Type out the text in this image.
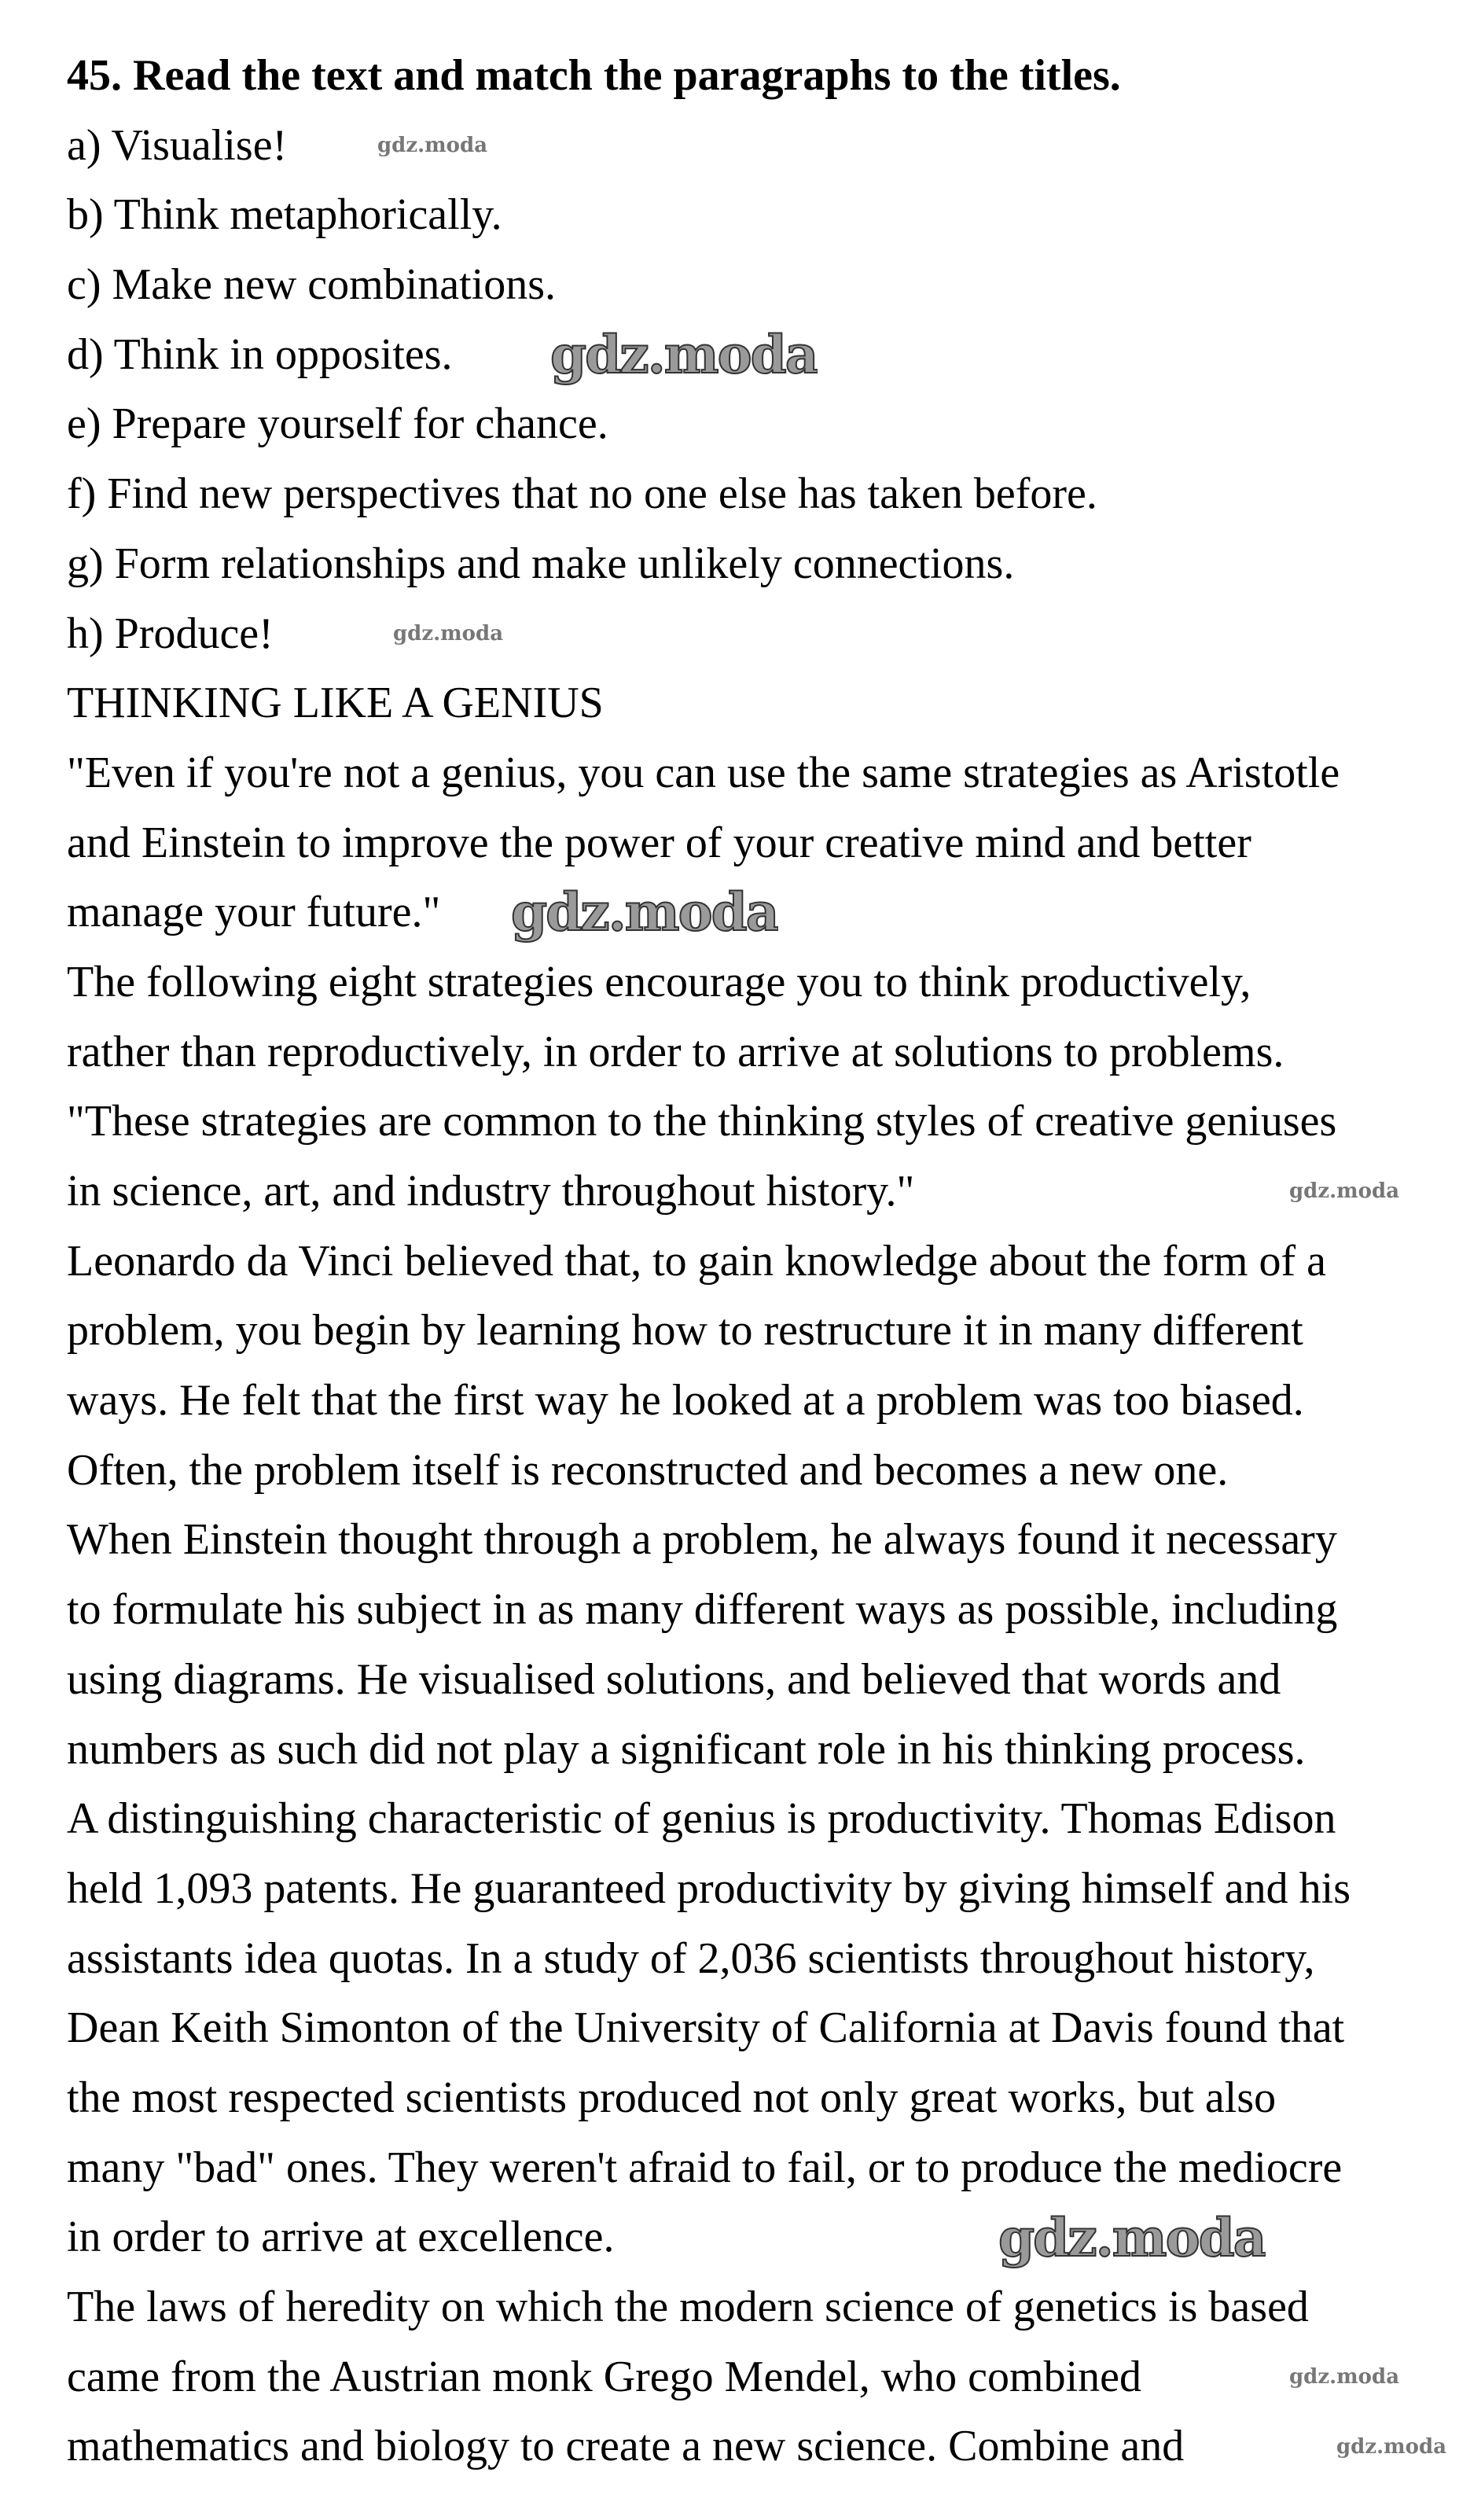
45. Read the text and match the paragraphs to the titles.
a) Visualise!
b) Think metaphorically.
c) Make new combinations.
d) Think in opposites.
e) Prepare yourself for chance.
f) Find new perspectives that no one else has taken before.
g) Form relationships and make unlikely connections.
h) Produce!
THINKING LIKE A GENIUS
"Even if you're not a genius, you can use the same strategies as Aristotle
and Einstein to improve the power of your creative mind and better
manage your future."
The following eight strategies encourage you to think productively,
rather than reproductively, in order to arrive at solutions to problems.
"These strategies are common to the thinking styles of creative geniuses
in science, art, and industry throughout history."
Leonardo da Vinci believed that, to gain knowledge about the form of a
problem, you begin by learning how to restructure it in many different
ways. He felt that the first way he looked at a problem was too biased.
Often, the problem itself is reconstructed and becomes a new one.
When Einstein thought through a problem, he always found it necessary
to formulate his subject in as many different ways as possible, including
using diagrams. He visualised solutions, and believed that words and
numbers as such did not play a significant role in his thinking process.
A distinguishing characteristic of genius is productivity. Thomas Edison
held 1,093 patents. He guaranteed productivity by giving himself and his
assistants idea quotas. In a study of 2,036 scientists throughout history,
Dean Keith Simonton of the University of California at Davis found that
the most respected scientists produced not only great works, but also
many "bad" ones. They weren't afraid to fail, or to produce the mediocre
in order to arrive at excellence.
The laws of heredity on which the modern science of genetics is based
came from the Austrian monk Grego Mendel, who combined
mathematics and biology to create a new science. Combine and
gdz.moda
gdz.moda
gdz.moda
gdz.moda
gdz.moda
gdz.moda
gdz.moda
gdz.moda
